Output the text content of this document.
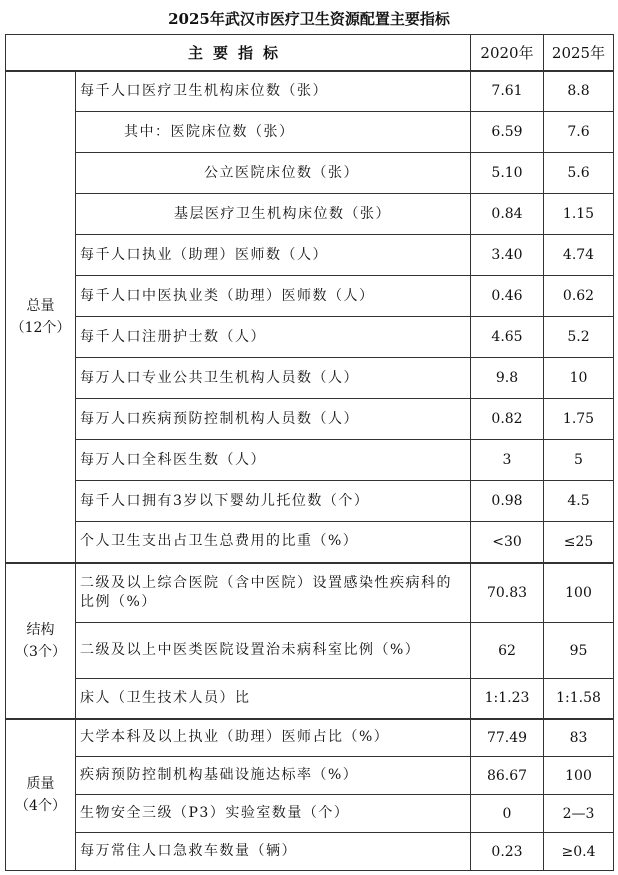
2025年武汉市医疗卫生资源配置主要指标
主要指标		2020年	2025年

总量
（12个）	每千人口医疗卫生机构床位数（张）	7.61	8.8
	其中：医院床位数（张）	6.59	7.6
	公立医院床位数（张）	5.10	5.6
	基层医疗卫生机构床位数（张）	0.84	1.15
	每千人口执业（助理）医师数（人）	3.40	4.74
	每千人口中医执业类（助理）医师数（人）	0.46	0.62
	每千人口注册护士数（人）	4.65	5.2
	每万人口专业公共卫生机构人员数（人）	9.8	10
	每万人口疾病预防控制机构人员数（人）	0.82	1.75
	每万人口全科医生数（人）	3	5
	每千人口拥有3岁以下婴幼儿托位数（个）	0.98	4.5
	个人卫生支出占卫生总费用的比重（%）	<30	≤25

结构
（3个）	二级及以上综合医院（含中医院）设置感染性疾病科的比例（%）	70.83	100
	二级及以上中医类医院设置治未病科室比例（%）	62	95
	床人（卫生技术人员）比	1:1.23	1:1.58

质量
（4个）	大学本科及以上执业（助理）医师占比（%）	77.49	83
	疾病预防控制机构基础设施达标率（%）	86.67	100
	生物安全三级（P3）实验室数量（个）	0	2—3
	每万常住人口急救车数量（辆）	0.23	≥0.4
